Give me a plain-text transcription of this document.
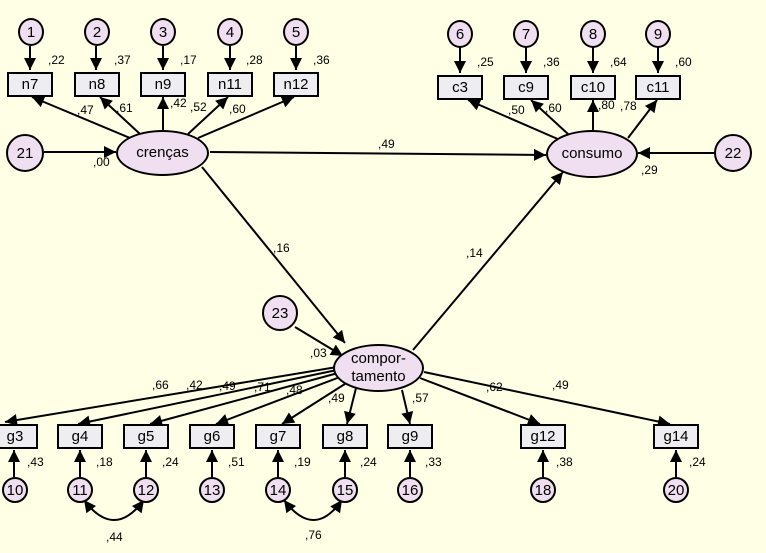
1	2	3	4	5	6	7	8	9
n7	n8	n9	n11	n12	c3	c9	c10	c11
crenças	consumo
compor-
tamento
21	22
23
g3	g4	g5	g6	g7	g8	g9	g12	g14
10	11	12	13	14	15	16	18	20
,22	,37	,17	,28	,36	,25	,36	,64	,60
,47 ,61	,42 ,52 ,60	,50 ,60	,80 ,78
,00
,49
,29
,16	,14
,03
,66 ,42 ,49 ,71 ,48
,49	,57
,62	,49
,43	,18	,24	,51	,19	,24	,33	,38	,24
,44	,76
